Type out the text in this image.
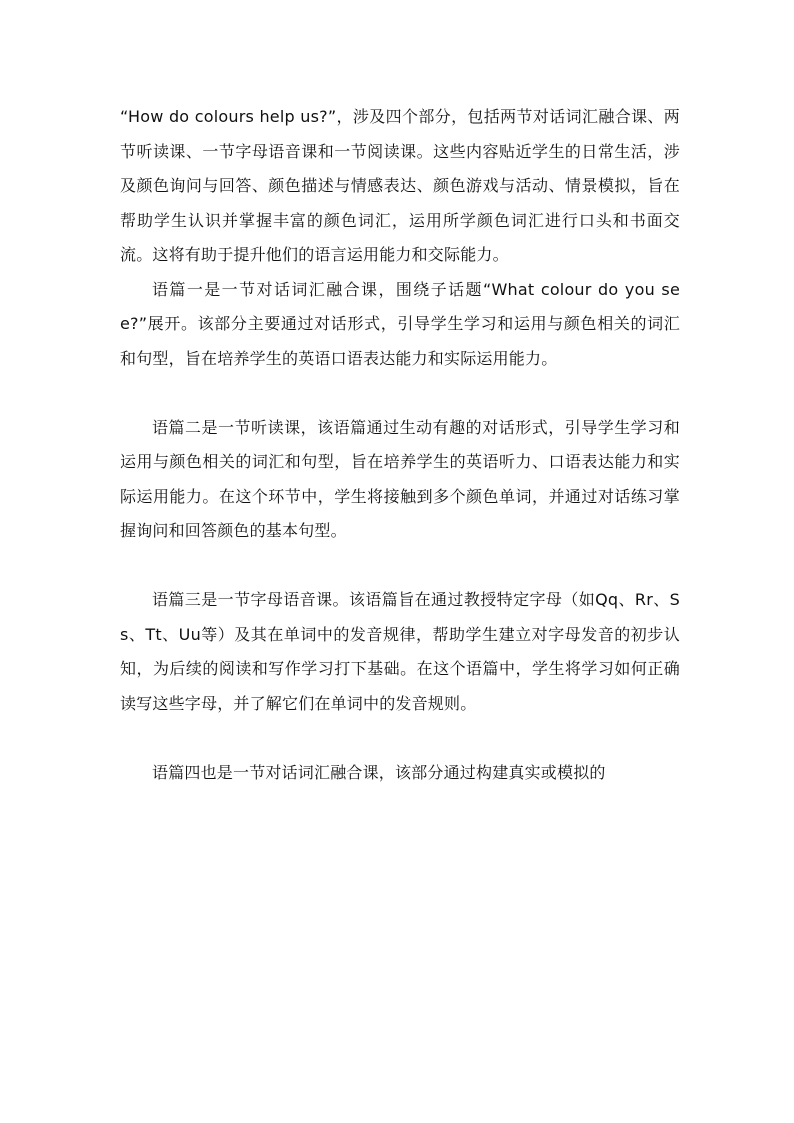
“How do colours help us?”，涉及四个部分，包括两节对话词汇融合课、两节听读课、一节字母语音课和一节阅读课。这些内容贴近学生的日常生活，涉及颜色询问与回答、颜色描述与情感表达、颜色游戏与活动、情景模拟，旨在帮助学生认识并掌握丰富的颜色词汇，运用所学颜色词汇进行口头和书面交流。这将有助于提升他们的语言运用能力和交际能力。

语篇一是一节对话词汇融合课，围绕子话题“What colour do you see?”展开。该部分主要通过对话形式，引导学生学习和运用与颜色相关的词汇和句型，旨在培养学生的英语口语表达能力和实际运用能力。

语篇二是一节听读课，该语篇通过生动有趣的对话形式，引导学生学习和运用与颜色相关的词汇和句型，旨在培养学生的英语听力、口语表达能力和实际运用能力。在这个环节中，学生将接触到多个颜色单词，并通过对话练习掌握询问和回答颜色的基本句型。

语篇三是一节字母语音课。该语篇旨在通过教授特定字母（如Qq、Rr、Ss、Tt、Uu等）及其在单词中的发音规律，帮助学生建立对字母发音的初步认知，为后续的阅读和写作学习打下基础。在这个语篇中，学生将学习如何正确读写这些字母，并了解它们在单词中的发音规则。

语篇四也是一节对话词汇融合课，该部分通过构建真实或模拟的
